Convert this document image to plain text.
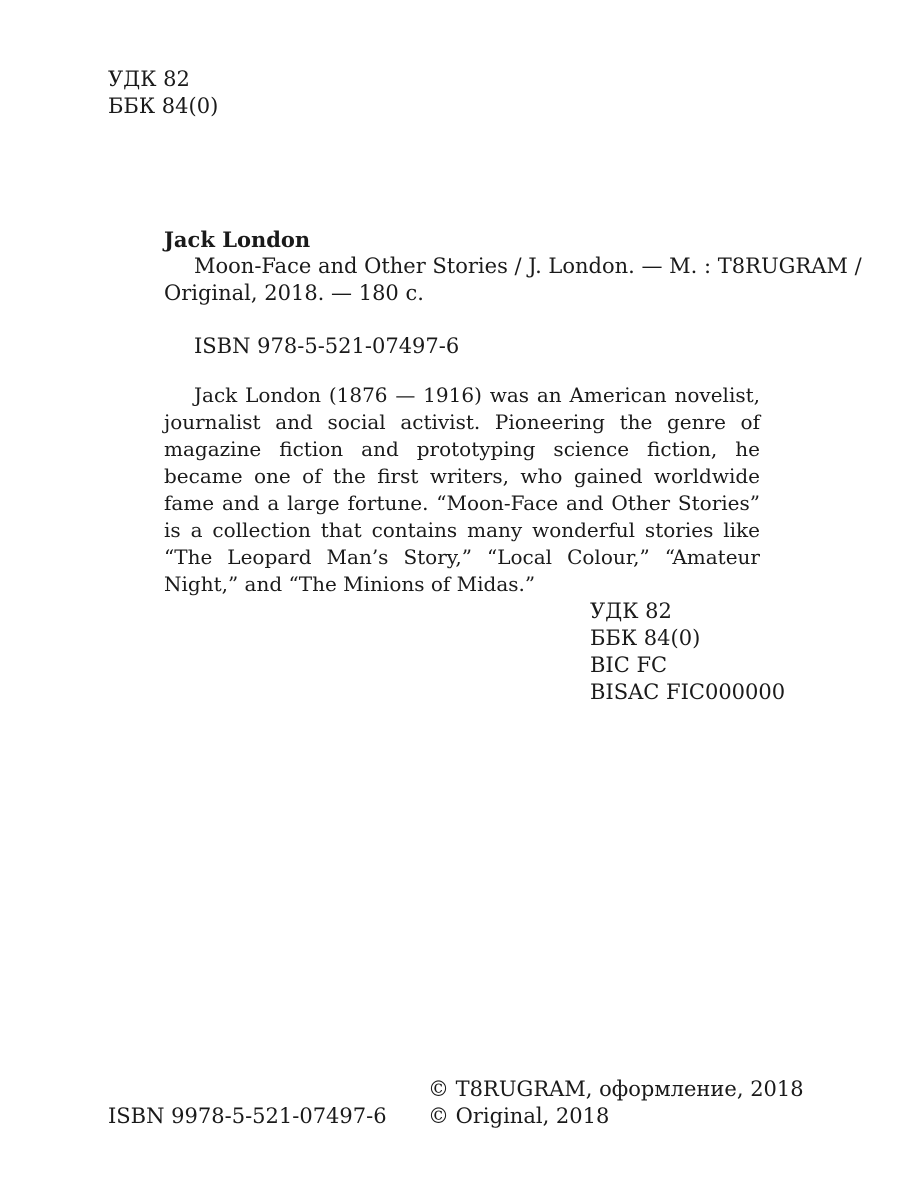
УДК 82
ББК 84(0)
Jack London
Moon-Face and Other Stories / J. London. — M. : T8RUGRAM /
Original, 2018. — 180 c.
ISBN 978-5-521-07497-6
Jack London (1876 — 1916) was an American novelist, journalist and social activist. Pioneering the genre of magazine fiction and prototyping science fiction, he became one of the first writers, who gained worldwide fame and a large fortune. “Moon-Face and Other Stories” is a collection that contains many wonderful stories like “The Leopard Man’s Story,” “Local Colour,” “Amateur Night,” and “The Minions of Midas.”
УДК 82
ББК 84(0)
BIC FC
BISAC FIC000000
ISBN 9978-5-521-07497-6
© T8RUGRAM, оформление, 2018
© Original, 2018
